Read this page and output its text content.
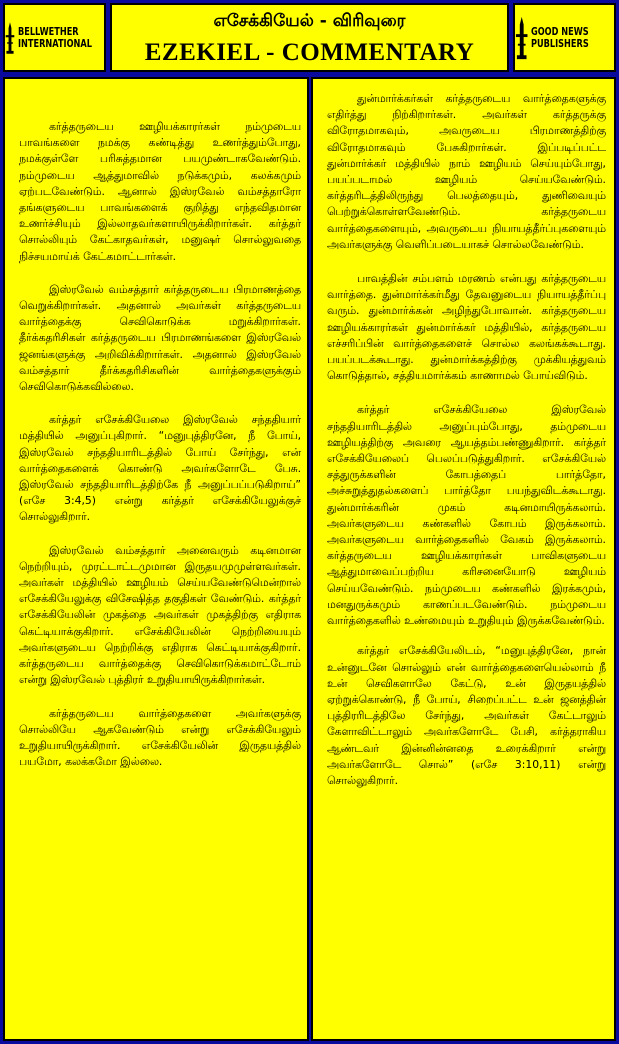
BELLWETHER
INTERNATIONAL
எசேக்கியேல் - விரிவுரை
EZEKIEL - COMMENTARY
GOOD NEWS
PUBLISHERS

கர்த்தருடைய ஊழியக்காரர்கள் நம்முடைய பாவங்களை நமக்கு கண்டித்து உணர்த்தும்போது, நமக்குள்ளே பரிசுத்தமான பயமுண்டாகவேண்டும். நம்முடைய ஆத்துமாவில் நடுக்கமும், கலக்கமும் ஏற்படவேண்டும். ஆனால் இஸ்ரவேல் வம்சத்தாரோ தங்களுடைய பாவங்களைக் குறித்து எந்தவிதமான உணர்ச்சியும் இல்லாதவர்களாயிருக்கிறார்கள். கர்த்தர் சொல்லியும் கேட்காதவர்கள், மனுஷர் சொல்லுவதை நிச்சயமாய்க் கேட்கமாட்டார்கள்.

இஸ்ரவேல் வம்சத்தார் கர்த்தருடைய பிரமாணத்தை வெறுக்கிறார்கள். அதனால் அவர்கள் கர்த்தருடைய வார்த்தைக்கு செவிகொடுக்க மறுக்கிறார்கள். தீர்க்கதரிசிகள் கர்த்தருடைய பிரமாணங்களை இஸ்ரவேல் ஜனங்களுக்கு அறிவிக்கிறார்கள். அதனால் இஸ்ரவேல் வம்சத்தார் தீர்க்கதரிசிகளின் வார்த்தைகளுக்கும் செவிகொடுக்கவில்லை.

கர்த்தர் எசேக்கியேலை இஸ்ரவேல் சந்ததியார் மத்தியில் அனுப்புகிறார். “மனுபுத்திரனே, நீ போய், இஸ்ரவேல் சந்ததியாரிடத்தில் போய் சேர்ந்து, என் வார்த்தைகளைக் கொண்டு அவர்களோடே பேசு. இஸ்ரவேல் சந்ததியாரிடத்திற்கே நீ அனுப்பப்படுகிறாய்” (எசே 3:4,5) என்று கர்த்தர் எசேக்கியேலுக்குச் சொல்லுகிறார்.

இஸ்ரவேல் வம்சத்தார் அனைவரும் கடினமான நெற்றியும், முரட்டாட்டமுமான இருதயமுமுள்ளவர்கள். அவர்கள் மத்தியில் ஊழியம் செய்யவேண்டுமென்றால் எசேக்கியேலுக்கு விசேஷித்த தகுதிகள் வேண்டும். கர்த்தர் எசேக்கியேலின் முகத்தை அவர்கள் முகத்திற்கு எதிராக கெட்டியாக்குகிறார். எசேக்கியேலின் நெற்றியையும் அவர்களுடைய நெற்றிக்கு எதிராக கெட்டியாக்குகிறார். கர்த்தருடைய வார்த்தைக்கு செவிகொடுக்கமாட்டோம் என்று இஸ்ரவேல் புத்திரர் உறுதியாயிருக்கிறார்கள்.

கர்த்தருடைய வார்த்தைகளை அவர்களுக்கு சொல்லியே ஆகவேண்டும் என்று எசேக்கியேலும் உறுதியாயிருக்கிறார். எசேக்கியேலின் இருதயத்தில் பயமோ, கலக்கமோ இல்லை.

துன்மார்க்கர்கள் கர்த்தருடைய வார்த்தைகளுக்கு எதிர்த்து நிற்கிறார்கள். அவர்கள் கர்த்தருக்கு விரோதமாகவும், அவருடைய பிரமாணத்திற்கு விரோதமாகவும் பேசுகிறார்கள். இப்படிப்பட்ட துன்மார்க்கர் மத்தியில் நாம் ஊழியம் செய்யும்போது, பயப்படாமல் ஊழியம் செய்யவேண்டும். கர்த்தரிடத்திலிருந்து பெலத்தையும், துணிவையும் பெற்றுக்கொள்ளவேண்டும். கர்த்தருடைய வார்த்தைகளையும், அவருடைய நியாயத்தீர்ப்புகளையும் அவர்களுக்கு வெளிப்படையாகச் சொல்லவேண்டும்.

பாவத்தின் சம்பளம் மரணம் என்பது கர்த்தருடைய வார்த்தை. துன்மார்க்கர்மீது தேவனுடைய நியாயத்தீர்ப்பு வரும். துன்மார்க்கன் அழிந்துபோவான். கர்த்தருடைய ஊழியக்காரர்கள் துன்மார்க்கர் மத்தியில், கர்த்தருடைய எச்சரிப்பின் வார்த்தைகளைச் சொல்ல கலங்கக்கூடாது. பயப்படக்கூடாது. துன்மார்க்கத்திற்கு முக்கியத்துவம் கொடுத்தால், சத்தியமார்க்கம் காணாமல் போய்விடும்.

கர்த்தர் எசேக்கியேலை இஸ்ரவேல் சந்ததியாரிடத்தில் அனுப்பும்போது, தம்முடைய ஊழியத்திற்கு அவரை ஆயத்தம்பண்ணுகிறார். கர்த்தர் எசேக்கியேலைப் பெலப்படுத்துகிறார். எசேக்கியேல் சத்துருக்களின் கோபத்தைப் பார்த்தோ, அச்சுறுத்துதல்களைப் பார்த்தோ பயந்துவிடக்கூடாது. துன்மார்க்கரின் முகம் கடினமாயிருக்கலாம். அவர்களுடைய கண்களில் கோபம் இருக்கலாம். அவர்களுடைய வார்த்தைகளில் வேகம் இருக்கலாம். கர்த்தருடைய ஊழியக்காரர்கள் பாவிகளுடைய ஆத்துமாவைப்பற்றிய கரிசனையோடு ஊழியம் செய்யவேண்டும். நம்முடைய கண்களில் இரக்கமும், மனதுருக்கமும் காணப்படவேண்டும். நம்முடைய வார்த்தைகளில் உண்மையும் உறுதியும் இருக்கவேண்டும்.

கர்த்தர் எசேக்கியேலிடம், “மனுபுத்திரனே, நான் உன்னுடனே சொல்லும் என் வார்த்தைகளையெல்லாம் நீ உன் செவிகளாலே கேட்டு, உன் இருதயத்தில் ஏற்றுக்கொண்டு, நீ போய், சிறைப்பட்ட உன் ஜனத்தின் புத்திரரிடத்திலே சேர்ந்து, அவர்கள் கேட்டாலும் கேளாவிட்டாலும் அவர்களோடே பேசி, கர்த்தராகிய ஆண்டவர் இன்னின்னதை உரைக்கிறார் என்று அவர்களோடே சொல்” (எசே 3:10,11) என்று சொல்லுகிறார்.
